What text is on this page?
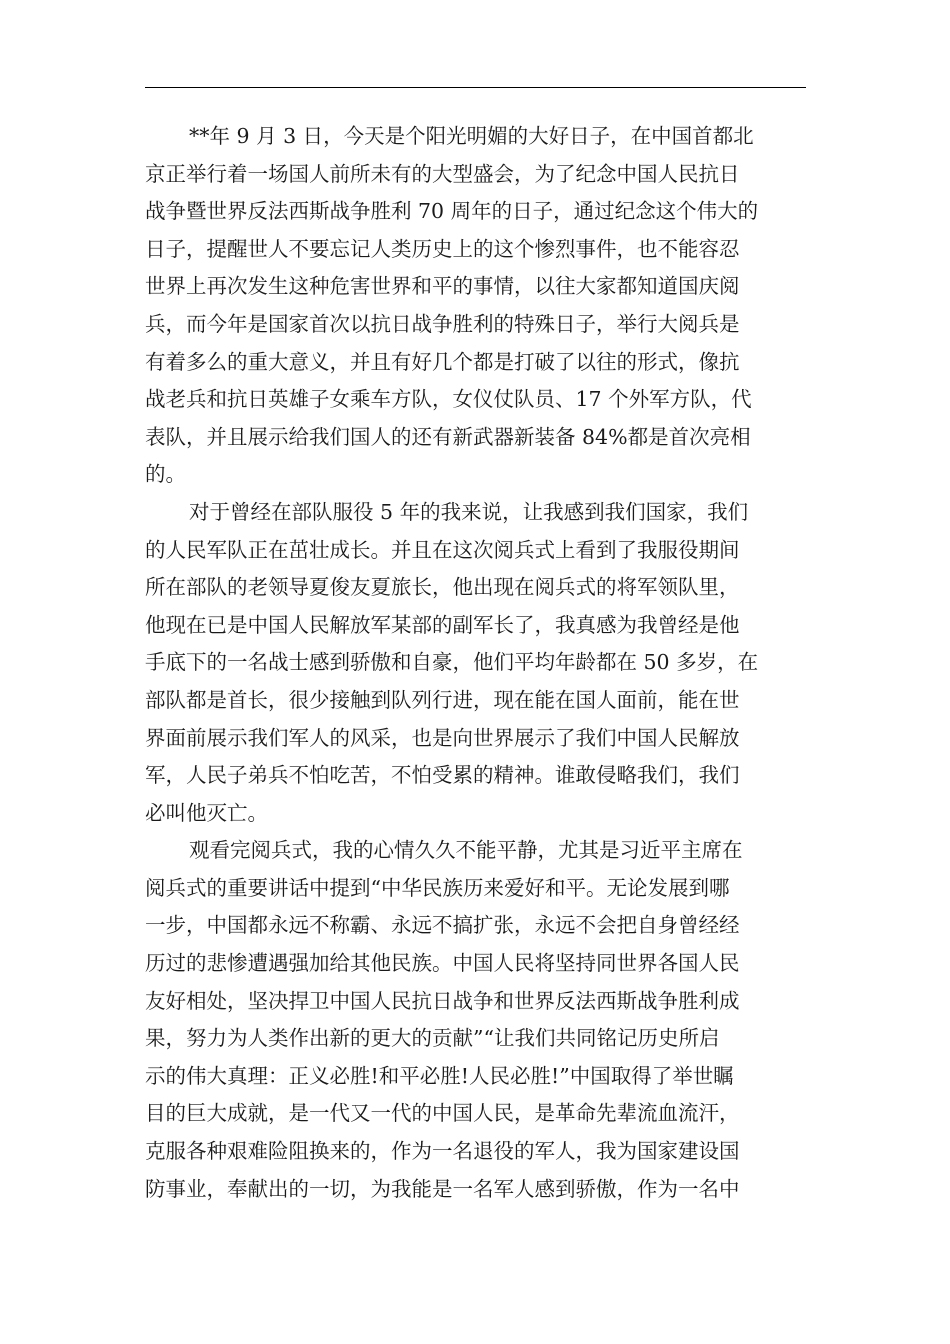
**年 9 月 3 日，今天是个阳光明媚的大好日子，在中国首都北
京正举行着一场国人前所未有的大型盛会，为了纪念中国人民抗日
战争暨世界反法西斯战争胜利 70 周年的日子，通过纪念这个伟大的
日子，提醒世人不要忘记人类历史上的这个惨烈事件，也不能容忍
世界上再次发生这种危害世界和平的事情，以往大家都知道国庆阅
兵，而今年是国家首次以抗日战争胜利的特殊日子，举行大阅兵是
有着多么的重大意义，并且有好几个都是打破了以往的形式，像抗
战老兵和抗日英雄子女乘车方队，女仪仗队员、17 个外军方队，代
表队，并且展示给我们国人的还有新武器新装备 84%都是首次亮相
的。
对于曾经在部队服役 5 年的我来说，让我感到我们国家，我们
的人民军队正在茁壮成长。并且在这次阅兵式上看到了我服役期间
所在部队的老领导夏俊友夏旅长，他出现在阅兵式的将军领队里，
他现在已是中国人民解放军某部的副军长了，我真感为我曾经是他
手底下的一名战士感到骄傲和自豪，他们平均年龄都在 50 多岁，在
部队都是首长，很少接触到队列行进，现在能在国人面前，能在世
界面前展示我们军人的风采，也是向世界展示了我们中国人民解放
军，人民子弟兵不怕吃苦，不怕受累的精神。谁敢侵略我们，我们
必叫他灭亡。
观看完阅兵式，我的心情久久不能平静，尤其是习近平主席在
阅兵式的重要讲话中提到“中华民族历来爱好和平。无论发展到哪
一步，中国都永远不称霸、永远不搞扩张，永远不会把自身曾经经
历过的悲惨遭遇强加给其他民族。中国人民将坚持同世界各国人民
友好相处，坚决捍卫中国人民抗日战争和世界反法西斯战争胜利成
果，努力为人类作出新的更大的贡献”“让我们共同铭记历史所启
示的伟大真理：正义必胜!和平必胜!人民必胜!”中国取得了举世瞩
目的巨大成就，是一代又一代的中国人民，是革命先辈流血流汗，
克服各种艰难险阻换来的，作为一名退役的军人，我为国家建设国
防事业，奉献出的一切，为我能是一名军人感到骄傲，作为一名中
